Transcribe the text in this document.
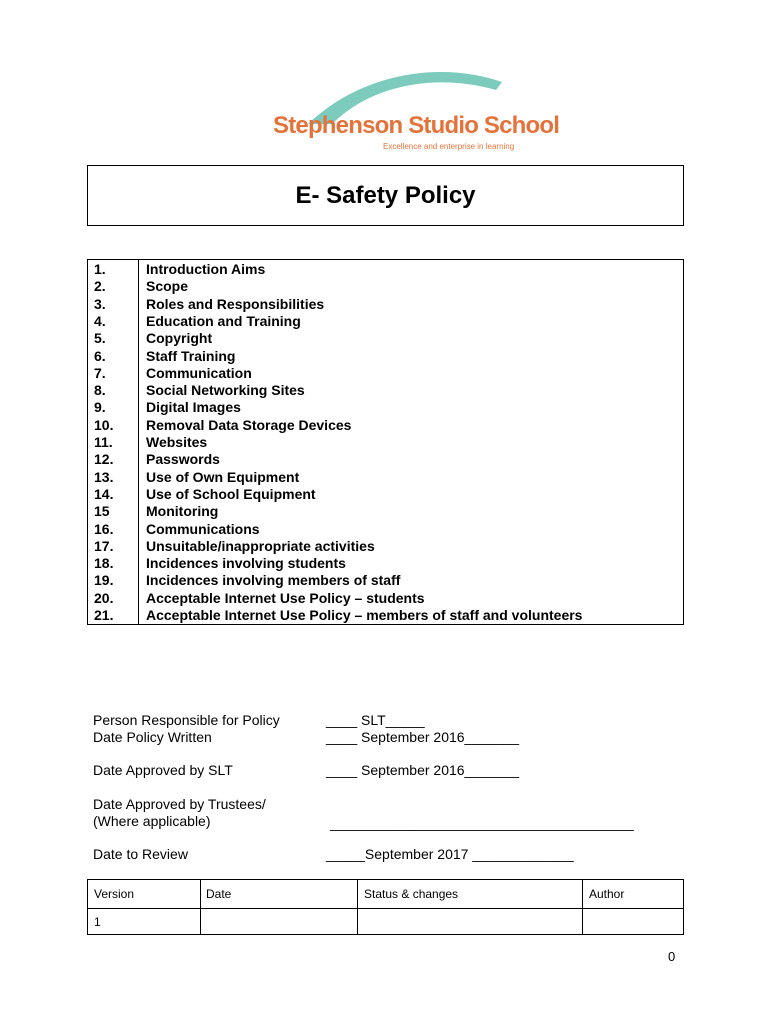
Stephenson Studio School
Excellence and enterprise in learning
E- Safety Policy
1.	Introduction Aims
2.	Scope
3.	Roles and Responsibilities
4.	Education and Training
5.	Copyright
6.	Staff Training
7.	Communication
8.	Social Networking Sites
9.	Digital Images
10. Removal Data Storage Devices
11. Websites
12. Passwords
13. Use of Own Equipment
14. Use of School Equipment
15	Monitoring
16. Communications
17. Unsuitable/inappropriate activities
18. Incidences involving students
19. Incidences involving members of staff
20. Acceptable Internet Use Policy – students
21. Acceptable Internet Use Policy – members of staff and volunteers
Person Responsible for Policy	____ SLT_____
Date Policy Written	____ September 2016_______
Date Approved by SLT	____ September 2016_______
Date Approved by Trustees/
(Where applicable)	_______________________________________
Date to Review	_____September 2017 _____________
Version	Date	Status & changes	Author
1
0
